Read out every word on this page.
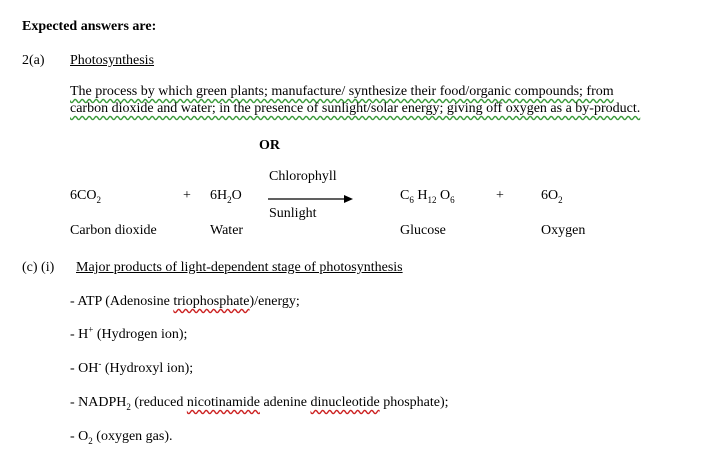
Expected answers are:
2(a) Photosynthesis
The process by which green plants; manufacture/ synthesize their food/organic compounds; from
carbon dioxide and water; in the presence of sunlight/solar energy; giving off oxygen as a by-product.
OR
Chlorophyll
Sunlight
$6CO_2$	+ $6H_2O$	$C_6$ $H_{12}$ $O_6$	+	$6O_2$
Carbon dioxide	Water	Glucose	Oxygen
(c) (i) Major products of light-dependent stage of photosynthesis
- ATP (Adenosine triophosphate)/energy;
- H+ (Hydrogen ion);
- OH- (Hydroxyl ion);
- $NADPH_2$ (reduced nicotinamide adenine dinucleotide phosphate);
- $O_2$ (oxygen gas).
